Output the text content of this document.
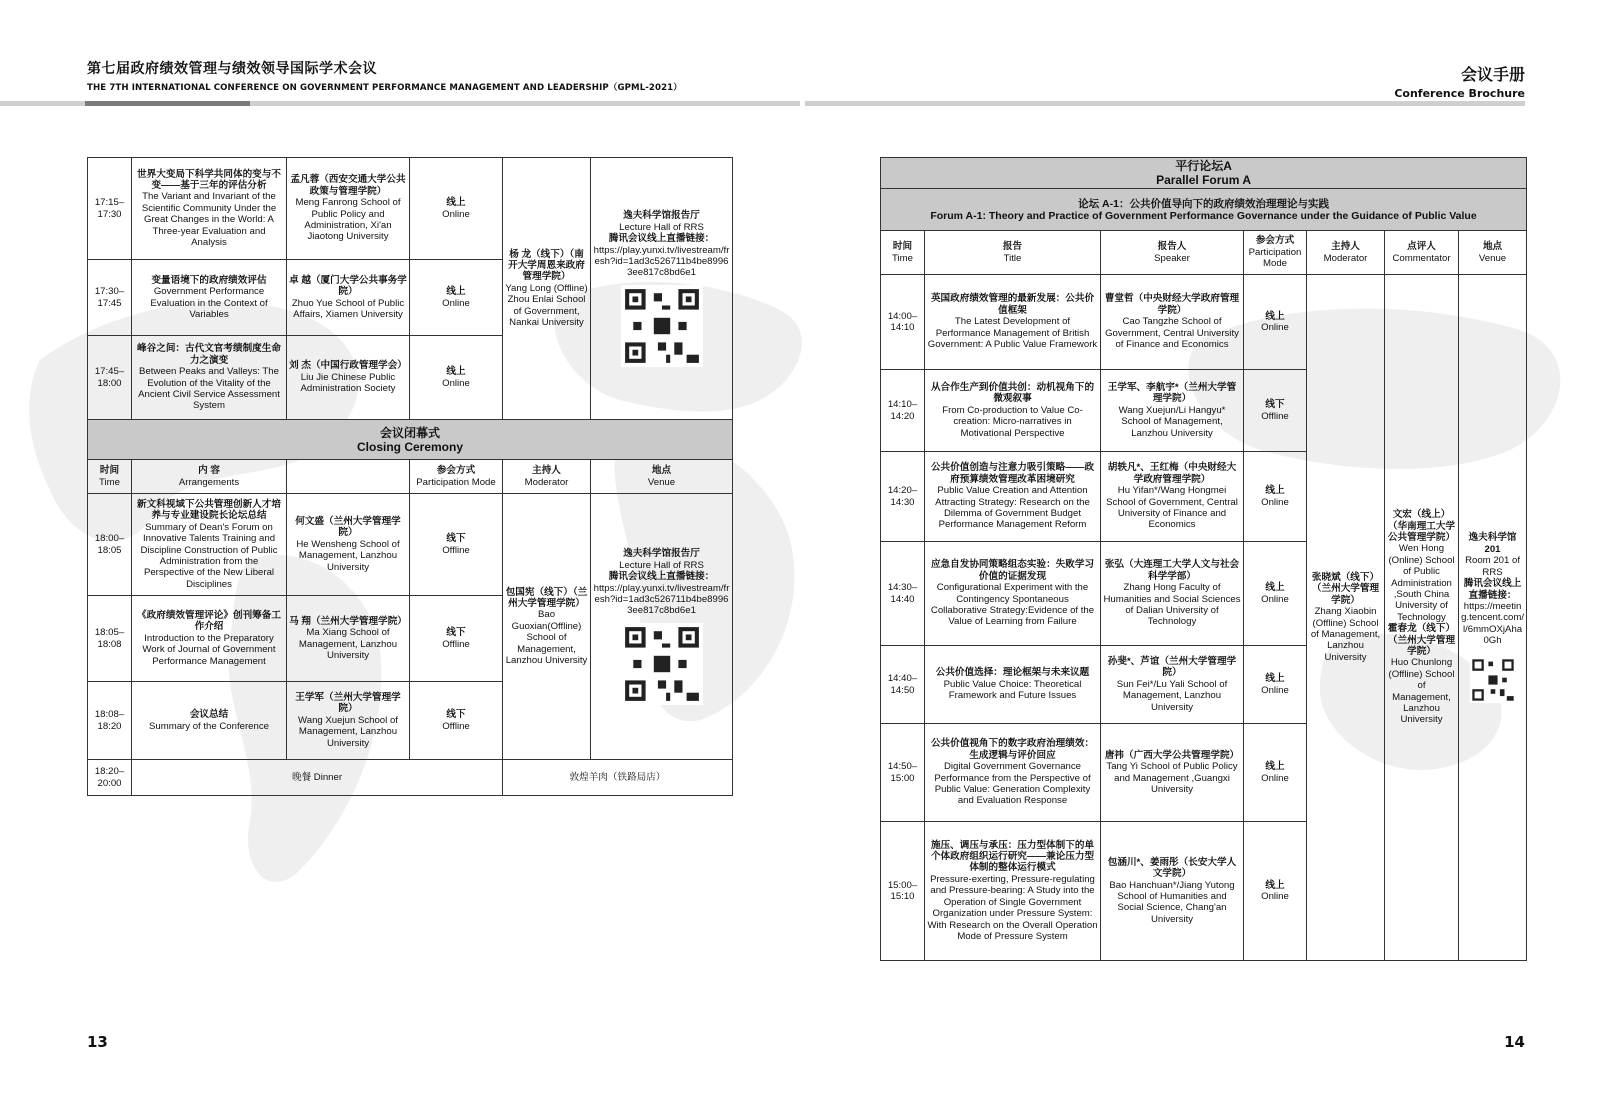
第七届政府绩效管理与绩效领导国际学术会议
THE 7TH INTERNATIONAL CONFERENCE ON GOVERNMENT PERFORMANCE MANAGEMENT AND LEADERSHIP（GPML-2021）
会议手册
Conference Brochure
17:15–17:30	世界大变局下科学共同体的变与不变——基于三年的评估分析
The Variant and Invariant of the Scientific Community Under the Great Changes in the World: A Three-year Evaluation and Analysis	孟凡蓉（西安交通大学公共政策与管理学院）
Meng Fanrong School of Public Policy and Administration, Xi'an Jiaotong University	线上
Online	杨 龙（线下）（南开大学周恩来政府管理学院）
Yang Long (Offline) Zhou Enlai School of Government, Nankai University	逸夫科学馆报告厅
Lecture Hall of RRS
腾讯会议线上直播链接：
https://play.yunxi.tv/livestream/fresh?id=1ad3c526711b4be89963ee817c8bd6e1

17:30–17:45	变量语境下的政府绩效评估
Government Performance Evaluation in the Context of Variables	卓 越（厦门大学公共事务学院）
Zhuo Yue School of Public Affairs, Xiamen University	线上
Online		

17:45–18:00	峰谷之间：古代文官考绩制度生命力之演变
Between Peaks and Valleys: The Evolution of the Vitality of the Ancient Civil Service Assessment System	刘 杰（中国行政管理学会）
Liu Jie Chinese Public Administration Society	线上
Online		

会议闭幕式
Closing Ceremony					

时间
Time	内 容
Arrangements		参会方式
Participation Mode	主持人
Moderator	地点
Venue

18:00–18:05	新文科视域下公共管理创新人才培养与专业建设院长论坛总结
Summary of Dean's Forum on Innovative Talents Training and Discipline Construction of Public Administration from the Perspective of the New Liberal Disciplines	何文盛（兰州大学管理学院）
He Wensheng School of Management, Lanzhou University	线下
Offline	包国宪（线下）（兰州大学管理学院）
Bao Guoxian(Offline) School of Management, Lanzhou University	逸夫科学馆报告厅
Lecture Hall of RRS
腾讯会议线上直播链接：
https://play.yunxi.tv/livestream/fresh?id=1ad3c526711b4be89963ee817c8bd6e1

18:05–18:08	《政府绩效管理评论》创刊筹备工作介绍
Introduction to the Preparatory Work of Journal of Government Performance Management	马 翔（兰州大学管理学院）
Ma Xiang School of Management, Lanzhou University	线下
Offline		

18:08–18:20	会议总结
Summary of the Conference	王学军（兰州大学管理学院）
Wang Xuejun School of Management, Lanzhou University	线下
Offline		

18:20–20:00	晚餐 Dinner			敦煌羊肉（铁路局店）	
平行论坛A
Parallel Forum A						

论坛 A-1：公共价值导向下的政府绩效治理理论与实践
Forum A-1: Theory and Practice of Government Performance Governance under the Guidance of Public Value						

时间
Time	报告
Title	报告人
Speaker	参会方式
Participation Mode	主持人
Moderator	点评人
Commentator	地点
Venue

14:00–14:10	英国政府绩效管理的最新发展：公共价值框架
The Latest Development of Performance Management of British Government: A Public Value Framework	曹堂哲（中央财经大学政府管理学院）
Cao Tangzhe School of Government, Central University of Finance and Economics	线上
Online	张晓斌（线下）（兰州大学管理学院）
Zhang Xiaobin (Offline) School of Management, Lanzhou University	文宏（线上）（华南理工大学公共管理学院）
Wen Hong (Online) School of Public Administration ,South China University of Technology
霍春龙（线下）（兰州大学管理学院）
Huo Chunlong (Offline) School of Management, Lanzhou University	逸夫科学馆201
Room 201 of RRS
腾讯会议线上直播链接：
https://meeting.tencent.com/l/6mmOXjAha0Gh

14:10–14:20	从合作生产到价值共创：动机视角下的微观叙事
From Co-production to Value Co-creation: Micro-narratives in Motivational Perspective	王学军、李航宇*（兰州大学管理学院）
Wang Xuejun/Li Hangyu* School of Management, Lanzhou University	线下
Offline			

14:20–14:30	公共价值创造与注意力吸引策略——政府预算绩效管理改革困境研究
Public Value Creation and Attention Attracting Strategy: Research on the Dilemma of Government Budget Performance Management Reform	胡轶凡*、王红梅（中央财经大学政府管理学院）
Hu Yifan*/Wang Hongmei School of Government, Central University of Finance and Economics	线上
Online			

14:30–14:40	应急自发协同策略组态实验：失败学习价值的证据发现
Configurational Experiment with the Contingency Spontaneous Collaborative Strategy:Evidence of the Value of Learning from Failure	张弘（大连理工大学人文与社会科学学部）
Zhang Hong Faculty of Humanities and Social Sciences of Dalian University of Technology	线上
Online			

14:40–14:50	公共价值选择：理论框架与未来议题
Public Value Choice: Theoretical Framework and Future Issues	孙斐*、芦谊（兰州大学管理学院）
Sun Fei*/Lu Yali School of Management, Lanzhou University	线上
Online			

14:50–15:00	公共价值视角下的数字政府治理绩效：生成逻辑与评价回应
Digital Government Governance Performance from the Perspective of Public Value: Generation Complexity and Evaluation Response	唐祎（广西大学公共管理学院）
Tang Yi School of Public Policy and Management ,Guangxi University	线上
Online			

15:00–15:10	施压、调压与承压：压力型体制下的单个体政府组织运行研究——兼论压力型体制的整体运行模式
Pressure-exerting, Pressure-regulating and Pressure-bearing: A Study into the Operation of Single Government Organization under Pressure System: With Research on the Overall Operation Mode of Pressure System	包涵川*、姜雨彤（长安大学人文学院）
Bao Hanchuan*/Jiang Yutong School of Humanities and Social Science, Chang'an University	线上
Online			
13	14
